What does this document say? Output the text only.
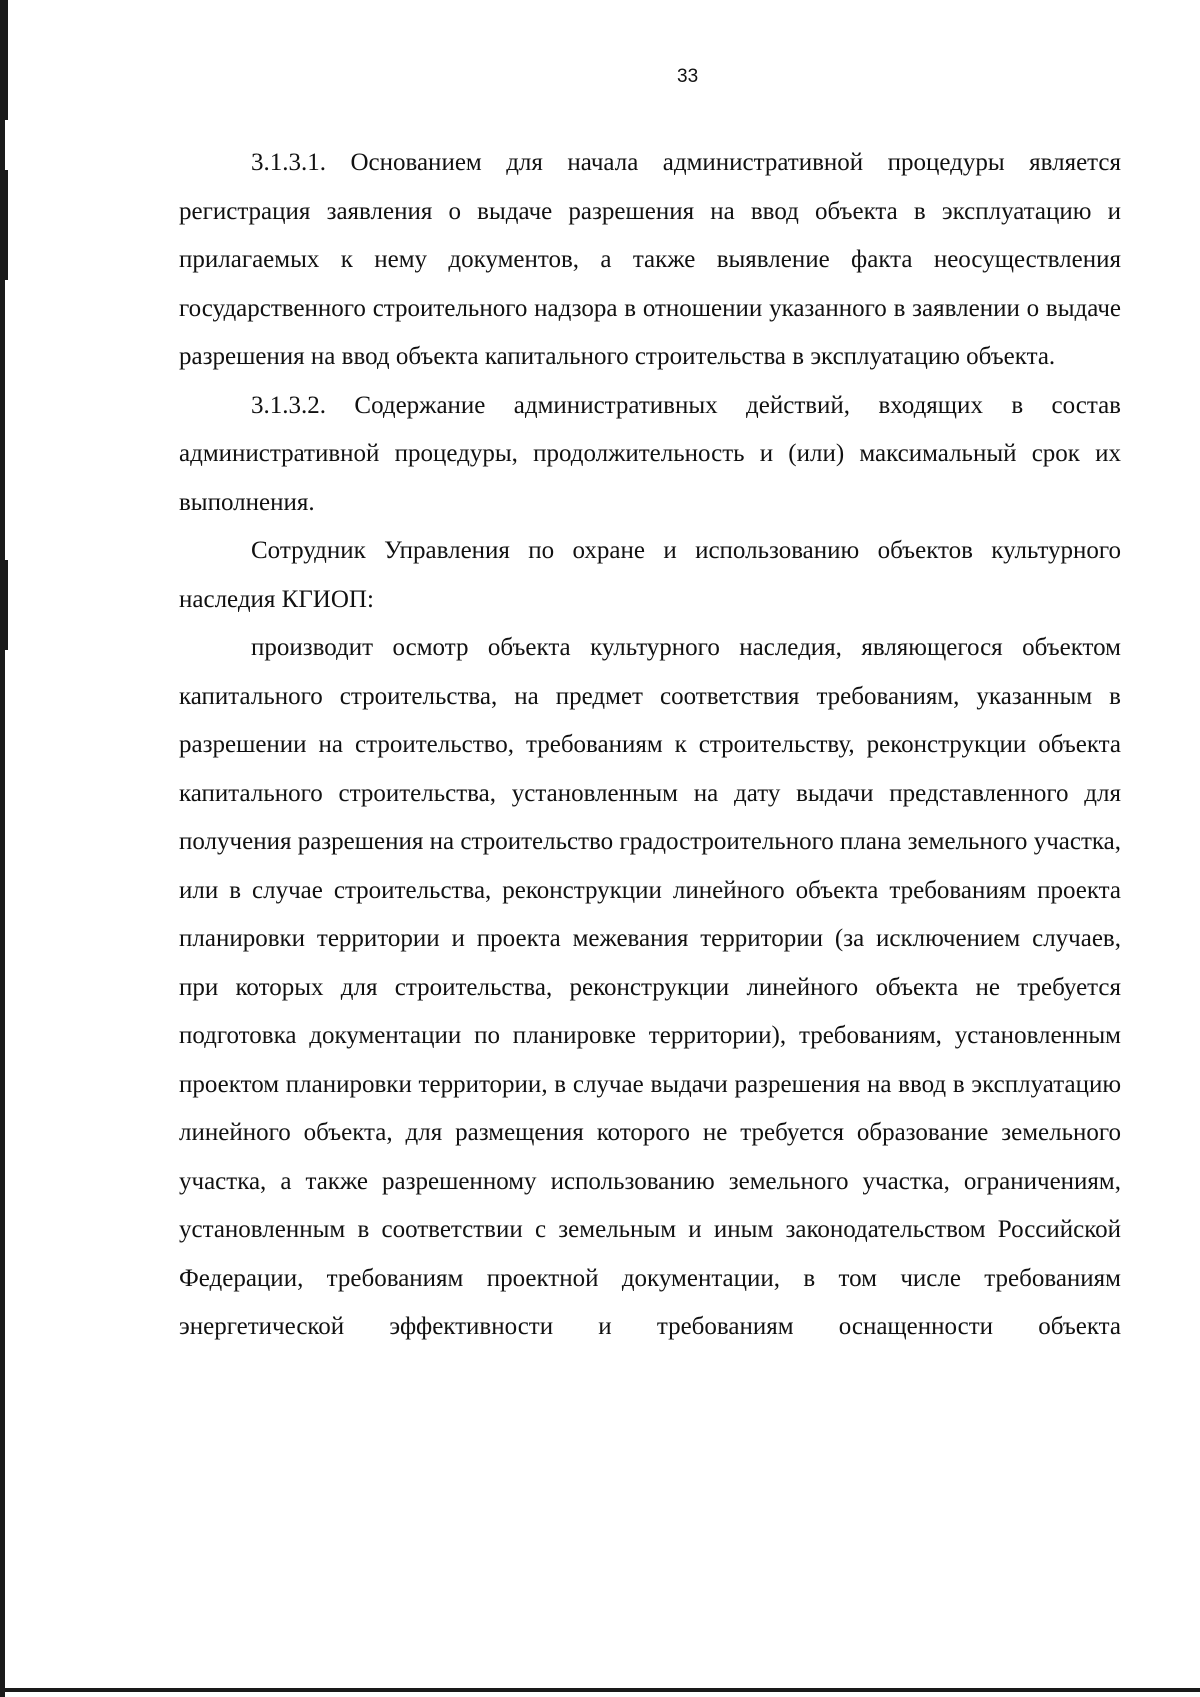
33

3.1.3.1. Основанием для начала административной процедуры является регистрация заявления о выдаче разрешения на ввод объекта в эксплуатацию и прилагаемых к нему документов, а также выявление факта неосуществления государственного строительного надзора в отношении указанного в заявлении о выдаче разрешения на ввод объекта капитального строительства в эксплуатацию объекта.

3.1.3.2. Содержание административных действий, входящих в состав административной процедуры, продолжительность и (или) максимальный срок их выполнения.

Сотрудник Управления по охране и использованию объектов культурного наследия КГИОП:

производит осмотр объекта культурного наследия, являющегося объектом капитального строительства, на предмет соответствия требованиям, указанным в разрешении на строительство, требованиям к строительству, реконструкции объекта капитального строительства, установленным на дату выдачи представленного для получения разрешения на строительство градостроительного плана земельного участка, или в случае строительства, реконструкции линейного объекта требованиям проекта планировки территории и проекта межевания территории (за исключением случаев, при которых для строительства, реконструкции линейного объекта не требуется подготовка документации по планировке территории), требованиям, установленным проектом планировки территории, в случае выдачи разрешения на ввод в эксплуатацию линейного объекта, для размещения которого не требуется образование земельного участка, а также разрешенному использованию земельного участка, ограничениям, установленным в соответствии с земельным и иным законодательством Российской Федерации, требованиям проектной документации, в том числе требованиям энергетической эффективности и требованиям оснащенности объекта
